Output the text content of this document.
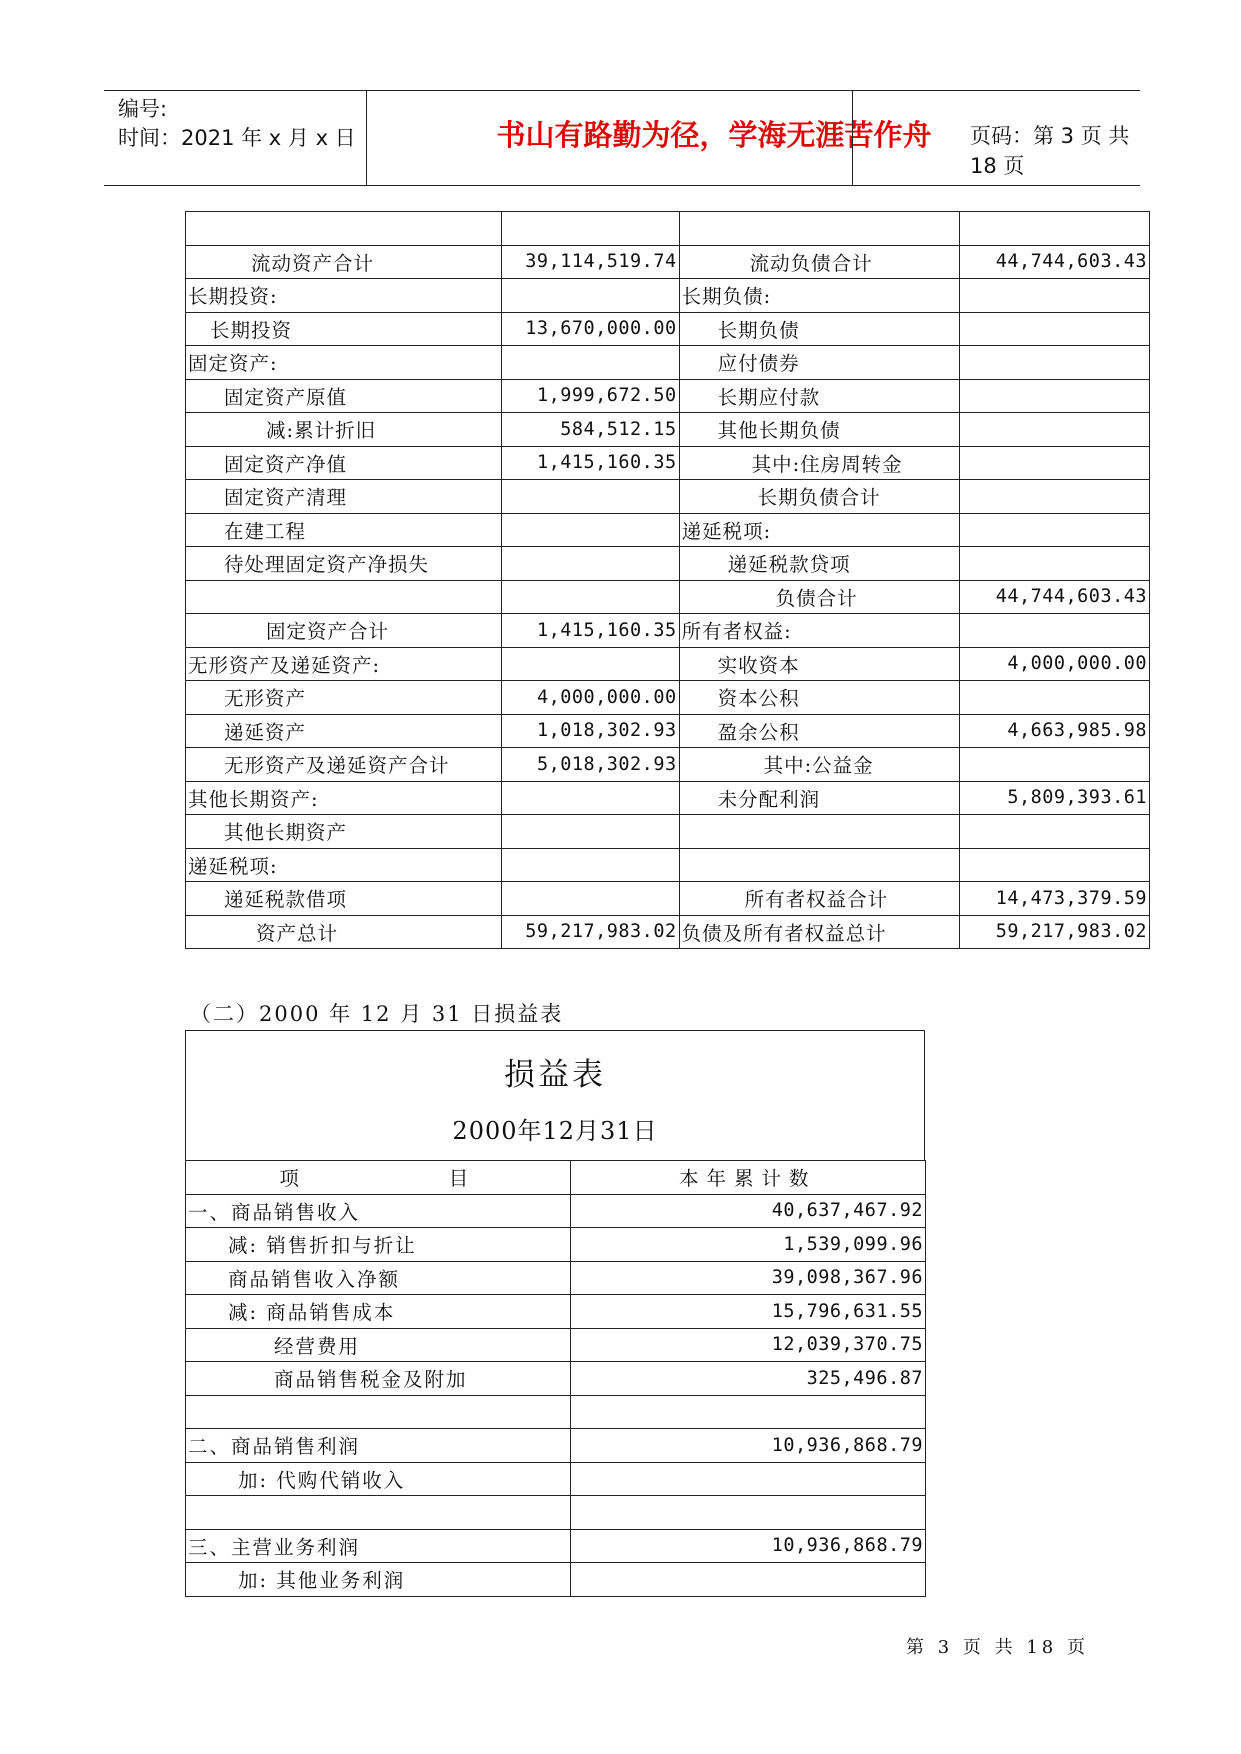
编号:
时间：2021 年 x 月 x 日	书山有路勤为径，学海无涯苦作舟	页码：第 3 页 共 18 页

流动资产合计	39,114,519.74	流动负债合计	44,744,603.43
长期投资:		长期负债:	
长期投资	13,670,000.00	长期负债	
固定资产:		应付债券	
固定资产原值	1,999,672.50	长期应付款	
减:累计折旧	584,512.15	其他长期负债	
固定资产净值	1,415,160.35	其中:住房周转金	
固定资产清理		长期负债合计	
在建工程		递延税项:	
待处理固定资产净损失		递延税款贷项	
		负债合计	44,744,603.43
固定资产合计	1,415,160.35	所有者权益:	
无形资产及递延资产:		实收资本	4,000,000.00
无形资产	4,000,000.00	资本公积	
递延资产	1,018,302.93	盈余公积	4,663,985.98
无形资产及递延资产合计	5,018,302.93	其中:公益金	
其他长期资产:		未分配利润	5,809,393.61
其他长期资产			
递延税项:			
递延税款借项		所有者权益合计	14,473,379.59
资产总计	59,217,983.02	负债及所有者权益总计	59,217,983.02
（二）2000 年 12 月 31 日损益表
损益表
2000年12月31日
项          目	本年累计数
一、商品销售收入	40,637,467.92
减: 销售折扣与折让	1,539,099.96
商品销售收入净额	39,098,367.96
减: 商品销售成本	15,796,631.55
经营费用	12,039,370.75
商品销售税金及附加	325,496.87

二、商品销售利润	10,936,868.79
加: 代购代销收入	

三、主营业务利润	10,936,868.79
加: 其他业务利润	
第 3 页 共 18 页
